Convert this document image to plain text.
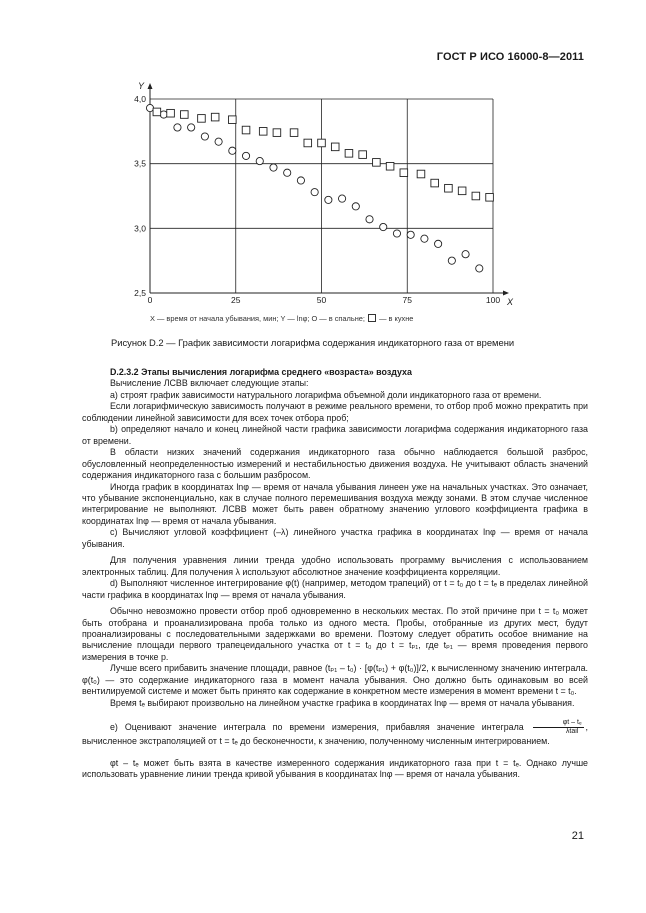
ГОСТ Р ИСО 16000-8—2011
X
Y
0	25	50	75	100
2,5
3,0
3,5
4,0
X — время от начала убывания, мин; Y — lnφ; O — в спальне; — в кухне
Рисунок D.2 — График зависимости логарифма содержания индикаторного газа от времени

D.2.3.2 Этапы вычисления логарифма среднего «возраста» воздуха

Вычисление ЛСВВ включает следующие этапы:

а) строят график зависимости натурального логарифма объемной доли индикаторного газа от времени.

Если логарифмическую зависимость получают в режиме реального времени, то отбор проб можно прекратить при соблюдении линейной зависимости для всех точек отбора проб;

b) определяют начало и конец линейной части графика зависимости логарифма содержания индикаторного газа от времени.

В области низких значений содержания индикаторного газа обычно наблюдается большой разброс, обусловленный неопределенностью измерений и нестабильностью движения воздуха. Не учитывают область значений содержания индикаторного газа с большим разбросом.

Иногда график в координатах lnφ — время от начала убывания линеен уже на начальных участках. Это означает, что убывание экспоненциально, как в случае полного перемешивания воздуха между зонами. В этом случае численное интегрирование не выполняют. ЛСВВ может быть равен обратному значению углового коэффициента графика в координатах lnφ — время от начала убывания.

c) Вычисляют угловой коэффициент (–λ) линейного участка графика в координатах lnφ — время от начала убывания.

Для получения уравнения линии тренда удобно использовать программу вычисления с использованием электронных таблиц. Для получения λ используют абсолютное значение коэффициента корреляции.

d) Выполняют численное интегрирование φ(t) (например, методом трапеций) от t = t₀ до t = tₑ в пределах линейной части графика в координатах lnφ — время от начала убывания.

Обычно невозможно провести отбор проб одновременно в нескольких местах. По этой причине при t = t₀ может быть отобрана и проанализирована проба только из одного места. Пробы, отобранные из других мест, будут проанализированы с последовательными задержками во времени. Поэтому следует обратить особое внимание на вычисление площади первого трапецеидального участка от t = t₀ до t = tₚ₁, где tₚ₁ — время проведения первого измерения в точке p.

Лучше всего прибавить значение площади, равное (tₚ₁ – t₀) · [φ(tₚ₁) + φ(t₀)]/2, к вычисленному значению интеграла. φ(t₀) — это содержание индикаторного газа в момент начала убывания. Оно должно быть одинаковым во всей вентилируемой системе и может быть принято как содержание в конкретном месте измерения в момент времени t = t₀.

Время tₑ выбирают произвольно на линейном участке графика в координатах lnφ — время от начала убывания.

е) Оценивают значение интеграла по времени измерения, прибавляя значение интеграла $\frac{\text{φt – tₑ}}{\text{λtail}}$ , вычисленное экстраполяцией от t = tₑ до бесконечности, к значению, полученному численным интегрированием.

φt – tₑ может быть взята в качестве измеренного содержания индикаторного газа при t = tₑ. Однако лучше использовать уравнение линии тренда кривой убывания в координатах lnφ — время от начала убывания.

21
